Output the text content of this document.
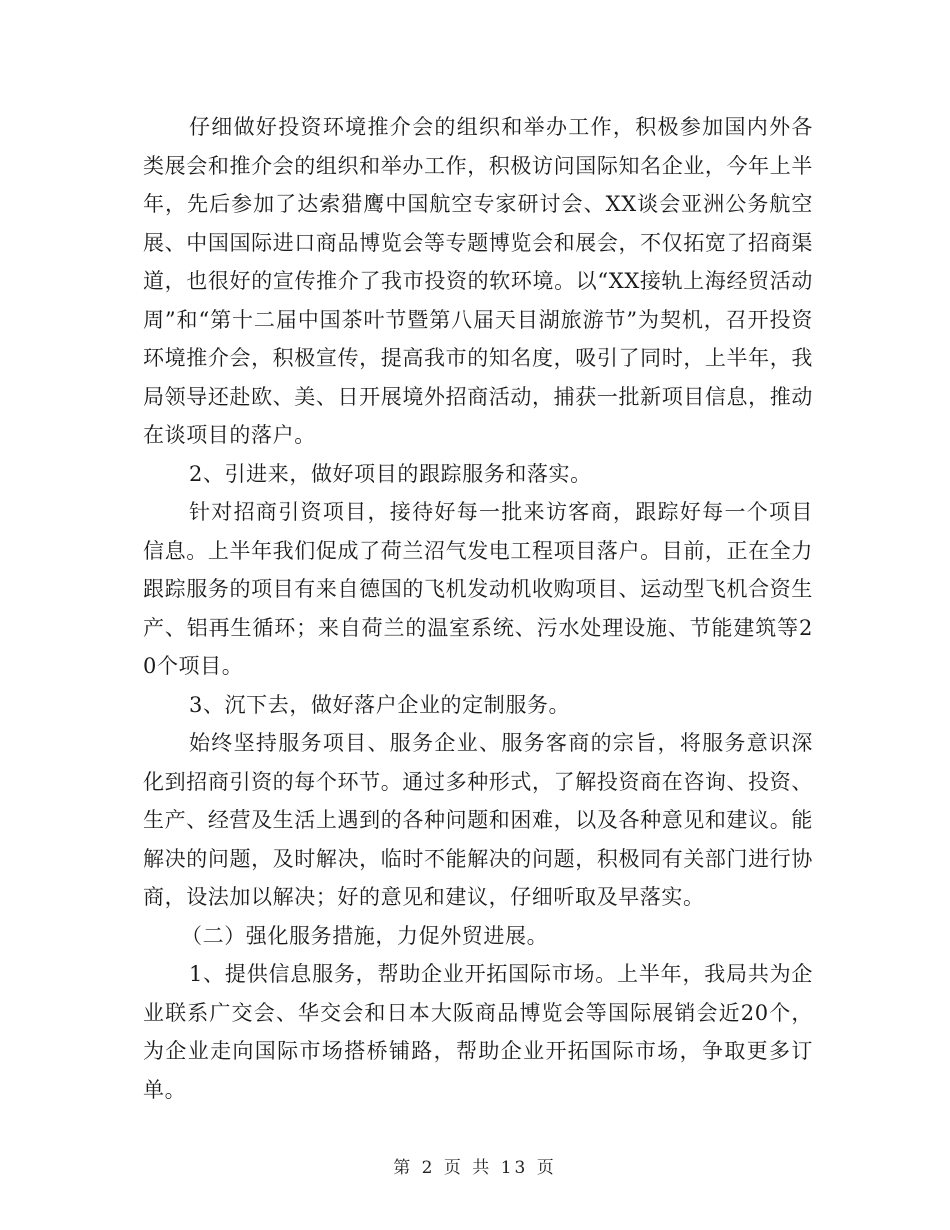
仔细做好投资环境推介会的组织和举办工作，积极参加国内外各类展会和推介会的组织和举办工作，积极访问国际知名企业，今年上半年，先后参加了达索猎鹰中国航空专家研讨会、XX谈会亚洲公务航空展、中国国际进口商品博览会等专题博览会和展会，不仅拓宽了招商渠道，也很好的宣传推介了我市投资的软环境。以“XX接轨上海经贸活动周”和“第十二届中国茶叶节暨第八届天目湖旅游节”为契机，召开投资环境推介会，积极宣传，提高我市的知名度，吸引了同时，上半年，我局领导还赴欧、美、日开展境外招商活动，捕获一批新项目信息，推动在谈项目的落户。

2、引进来，做好项目的跟踪服务和落实。

针对招商引资项目，接待好每一批来访客商，跟踪好每一个项目信息。上半年我们促成了荷兰沼气发电工程项目落户。目前，正在全力跟踪服务的项目有来自德国的飞机发动机收购项目、运动型飞机合资生产、铝再生循环；来自荷兰的温室系统、污水处理设施、节能建筑等20个项目。

3、沉下去，做好落户企业的定制服务。

始终坚持服务项目、服务企业、服务客商的宗旨，将服务意识深化到招商引资的每个环节。通过多种形式，了解投资商在咨询、投资、生产、经营及生活上遇到的各种问题和困难，以及各种意见和建议。能解决的问题，及时解决，临时不能解决的问题，积极同有关部门进行协商，设法加以解决；好的意见和建议，仔细听取及早落实。

（二）强化服务措施，力促外贸进展。

1、提供信息服务，帮助企业开拓国际市场。上半年，我局共为企业联系广交会、华交会和日本大阪商品博览会等国际展销会近20个，为企业走向国际市场搭桥铺路，帮助企业开拓国际市场，争取更多订单。

第 2 页 共 13 页
